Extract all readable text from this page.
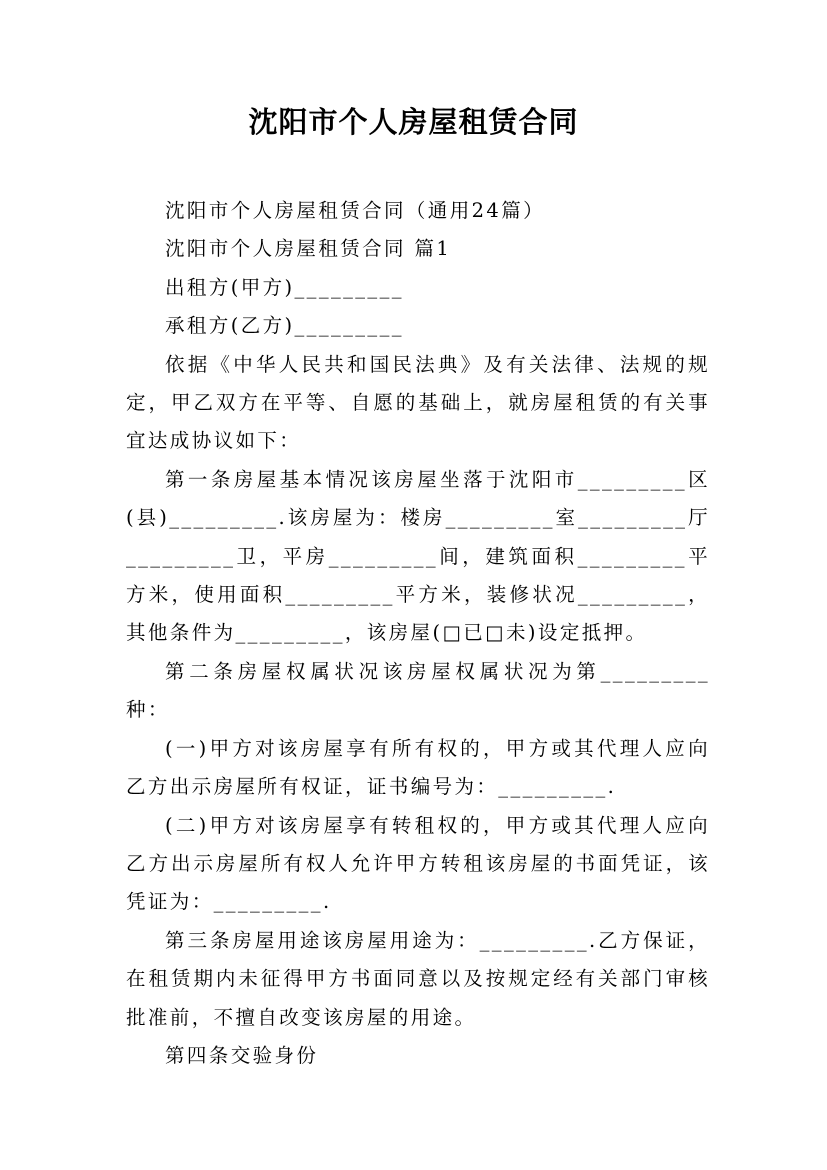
沈阳市个人房屋租赁合同

沈阳市个人房屋租赁合同（通用24篇）

沈阳市个人房屋租赁合同 篇1

出租方(甲方)_________

承租方(乙方)_________

依据《中华人民共和国民法典》及有关法律、法规的规定，甲乙双方在平等、自愿的基础上，就房屋租赁的有关事宜达成协议如下：

第一条房屋基本情况该房屋坐落于沈阳市_________区(县)_________.该房屋为：楼房_________室_________厅_________卫，平房_________间，建筑面积_________平方米，使用面积_________平方米，装修状况_________，其他条件为_________，该房屋(□已□未)设定抵押。

第二条房屋权属状况该房屋权属状况为第_________种：

(一)甲方对该房屋享有所有权的，甲方或其代理人应向乙方出示房屋所有权证，证书编号为：_________.

(二)甲方对该房屋享有转租权的，甲方或其代理人应向乙方出示房屋所有权人允许甲方转租该房屋的书面凭证，该凭证为：_________.

第三条房屋用途该房屋用途为：_________.乙方保证，在租赁期内未征得甲方书面同意以及按规定经有关部门审核批准前，不擅自改变该房屋的用途。

第四条交验身份
